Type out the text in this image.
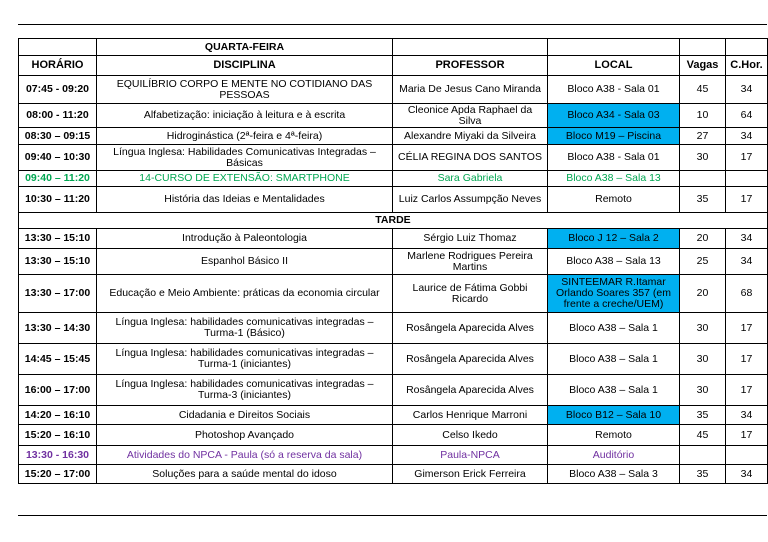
	QUARTA-FEIRA				
HORÁRIO	DISCIPLINA	PROFESSOR	LOCAL	Vagas	C.Hor.
07:45 - 09:20	EQUILÍBRIO CORPO E MENTE NO COTIDIANO DAS PESSOAS	Maria De Jesus Cano Miranda	Bloco A38 - Sala 01	45	34
08:00 - 11:20	Alfabetização: iniciação à leitura e à escrita	Cleonice Apda Raphael da Silva	Bloco A34 - Sala 03	10	64
08:30 – 09:15	Hidroginástica (2ª-feira e 4ª-feira)	Alexandre Miyaki da Silveira	Bloco M19 – Piscina	27	34
09:40 – 10:30	Língua Inglesa: Habilidades Comunicativas Integradas – Básicas	CÉLIA REGINA DOS SANTOS	Bloco A38 - Sala 01	30	17
09:40 – 11:20	14-CURSO DE EXTENSÃO: SMARTPHONE	Sara Gabriela	Bloco A38 – Sala 13		
10:30 – 11:20	História das Ideias e Mentalidades	Luiz Carlos Assumpção Neves	Remoto	35	17
TARDE					
13:30 – 15:10	Introdução à Paleontologia	Sérgio Luiz Thomaz	Bloco J 12 – Sala 2	20	34
13:30 – 15:10	Espanhol Básico II	Marlene Rodrigues Pereira Martins	Bloco A38 – Sala 13	25	34
13:30 – 17:00	Educação e Meio Ambiente: práticas da economia circular	Laurice de Fátima Gobbi Ricardo	SINTEEMAR R.Itamar Orlando Soares 357 (em frente a creche/UEM)	20	68
13:30 – 14:30	Língua Inglesa: habilidades comunicativas integradas – Turma-1 (Básico)	Rosângela Aparecida Alves	Bloco A38 – Sala 1	30	17
14:45 – 15:45	Língua Inglesa: habilidades comunicativas integradas – Turma-1 (iniciantes)	Rosângela Aparecida Alves	Bloco A38 – Sala 1	30	17
16:00 – 17:00	Língua Inglesa: habilidades comunicativas integradas – Turma-3 (iniciantes)	Rosângela Aparecida Alves	Bloco A38 – Sala 1	30	17
14:20 – 16:10	Cidadania e Direitos Sociais	Carlos Henrique Marroni	Bloco B12 – Sala 10	35	34
15:20 – 16:10	Photoshop Avançado	Celso Ikedo	Remoto	45	17
13:30 - 16:30	Atividades do NPCA - Paula (só a reserva da sala)	Paula-NPCA	Auditório		
15:20 – 17:00	Soluções para a saúde mental do idoso	Gimerson Erick Ferreira	Bloco A38 – Sala 3	35	34
